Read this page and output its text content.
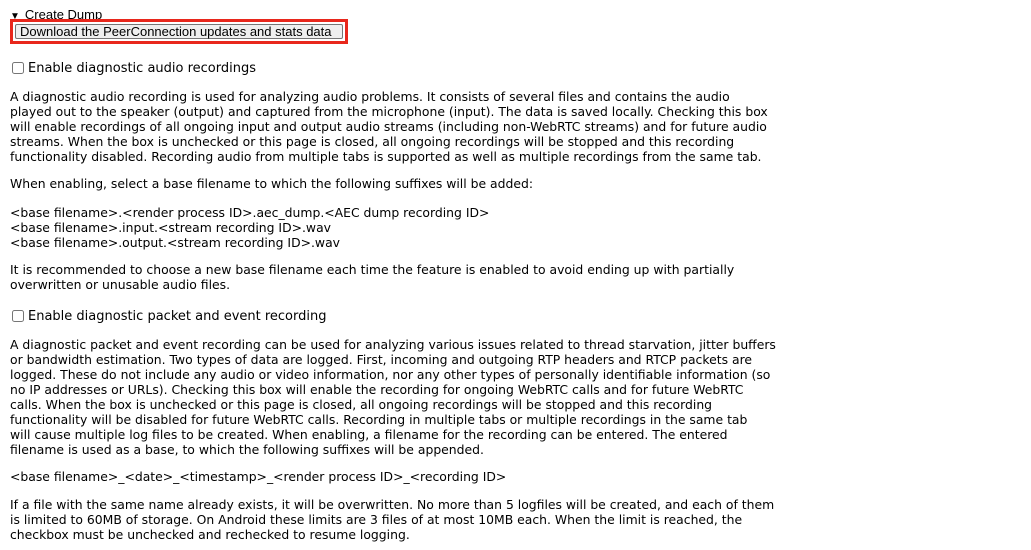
▼ Create Dump
Download the PeerConnection updates and stats data
Enable diagnostic audio recordings

A diagnostic audio recording is used for analyzing audio problems. It consists of several files and contains the audio
played out to the speaker (output) and captured from the microphone (input). The data is saved locally. Checking this box
will enable recordings of all ongoing input and output audio streams (including non-WebRTC streams) and for future audio
streams. When the box is unchecked or this page is closed, all ongoing recordings will be stopped and this recording
functionality disabled. Recording audio from multiple tabs is supported as well as multiple recordings from the same tab.

When enabling, select a base filename to which the following suffixes will be added:

<base filename>.<render process ID>.aec_dump.<AEC dump recording ID>
<base filename>.input.<stream recording ID>.wav
<base filename>.output.<stream recording ID>.wav

It is recommended to choose a new base filename each time the feature is enabled to avoid ending up with partially
overwritten or unusable audio files.

Enable diagnostic packet and event recording

A diagnostic packet and event recording can be used for analyzing various issues related to thread starvation, jitter buffers
or bandwidth estimation. Two types of data are logged. First, incoming and outgoing RTP headers and RTCP packets are
logged. These do not include any audio or video information, nor any other types of personally identifiable information (so
no IP addresses or URLs). Checking this box will enable the recording for ongoing WebRTC calls and for future WebRTC
calls. When the box is unchecked or this page is closed, all ongoing recordings will be stopped and this recording
functionality will be disabled for future WebRTC calls. Recording in multiple tabs or multiple recordings in the same tab
will cause multiple log files to be created. When enabling, a filename for the recording can be entered. The entered
filename is used as a base, to which the following suffixes will be appended.

<base filename>_<date>_<timestamp>_<render process ID>_<recording ID>

If a file with the same name already exists, it will be overwritten. No more than 5 logfiles will be created, and each of them
is limited to 60MB of storage. On Android these limits are 3 files of at most 10MB each. When the limit is reached, the
checkbox must be unchecked and rechecked to resume logging.
